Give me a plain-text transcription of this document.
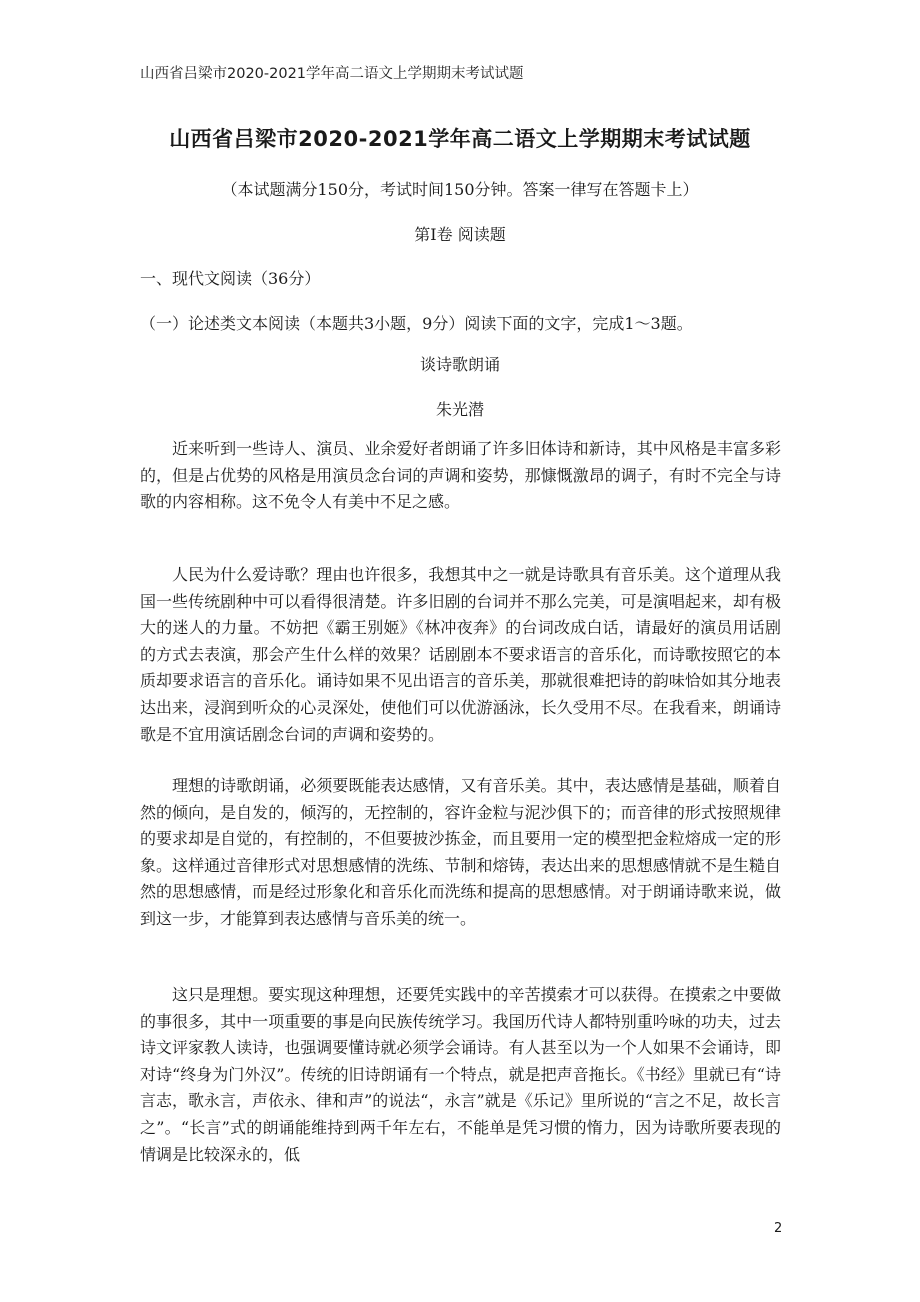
山西省吕梁市2020-2021学年高二语文上学期期末考试试题
山西省吕梁市2020-2021学年高二语文上学期期末考试试题
（本试题满分150分，考试时间150分钟。答案一律写在答题卡上）
第Ⅰ卷 阅读题
一、现代文阅读（36分）
（一）论述类文本阅读（本题共3小题，9分）阅读下面的文字，完成1～3题。
谈诗歌朗诵
朱光潜
近来听到一些诗人、演员、业余爱好者朗诵了许多旧体诗和新诗，其中风格是丰富多彩的，但是占优势的风格是用演员念台词的声调和姿势，那慷慨激昂的调子，有时不完全与诗歌的内容相称。这不免令人有美中不足之感。
人民为什么爱诗歌？理由也许很多，我想其中之一就是诗歌具有音乐美。这个道理从我国一些传统剧种中可以看得很清楚。许多旧剧的台词并不那么完美，可是演唱起来，却有极大的迷人的力量。不妨把《霸王别姬》《林冲夜奔》的台词改成白话，请最好的演员用话剧的方式去表演，那会产生什么样的效果？话剧剧本不要求语言的音乐化，而诗歌按照它的本质却要求语言的音乐化。诵诗如果不见出语言的音乐美，那就很难把诗的韵味恰如其分地表达出来，浸润到听众的心灵深处，使他们可以优游涵泳，长久受用不尽。在我看来，朗诵诗歌是不宜用演话剧念台词的声调和姿势的。
理想的诗歌朗诵，必须要既能表达感情，又有音乐美。其中，表达感情是基础，顺着自然的倾向，是自发的，倾泻的，无控制的，容许金粒与泥沙俱下的；而音律的形式按照规律的要求却是自觉的，有控制的，不但要披沙拣金，而且要用一定的模型把金粒熔成一定的形象。这样通过音律形式对思想感情的洗练、节制和熔铸，表达出来的思想感情就不是生糙自然的思想感情，而是经过形象化和音乐化而洗练和提高的思想感情。对于朗诵诗歌来说，做到这一步，才能算到表达感情与音乐美的统一。
这只是理想。要实现这种理想，还要凭实践中的辛苦摸索才可以获得。在摸索之中要做的事很多，其中一项重要的事是向民族传统学习。我国历代诗人都特别重吟咏的功夫，过去诗文评家教人读诗，也强调要懂诗就必须学会诵诗。有人甚至以为一个人如果不会诵诗，即对诗“终身为门外汉”。传统的旧诗朗诵有一个特点，就是把声音拖长。《书经》里就已有“诗言志，歌永言，声依永、律和声”的说法“，永言”就是《乐记》里所说的“言之不足，故长言之”。“长言”式的朗诵能维持到两千年左右，不能单是凭习惯的惰力，因为诗歌所要表现的情调是比较深永的，低
2
